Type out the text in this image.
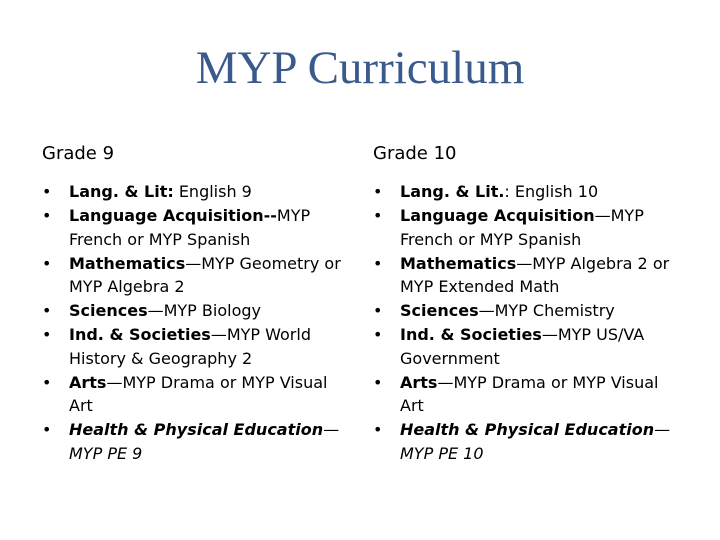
MYP Curriculum
Grade 9
•	Lang. & Lit: English 9
•	Language Acquisition--MYP French or MYP Spanish
•	Mathematics—MYP Geometry or MYP Algebra 2
•	Sciences—MYP Biology
•	Ind. & Societies—MYP World History & Geography 2
•	Arts—MYP Drama or MYP Visual Art
•	Health & Physical Education—MYP PE 9
Grade 10
•	Lang. & Lit.: English 10
•	Language Acquisition—MYP French or MYP Spanish
•	Mathematics—MYP Algebra 2 or MYP Extended Math
•	Sciences—MYP Chemistry
•	Ind. & Societies—MYP US/VA Government
•	Arts—MYP Drama or MYP Visual Art
•	Health & Physical Education—MYP PE 10
